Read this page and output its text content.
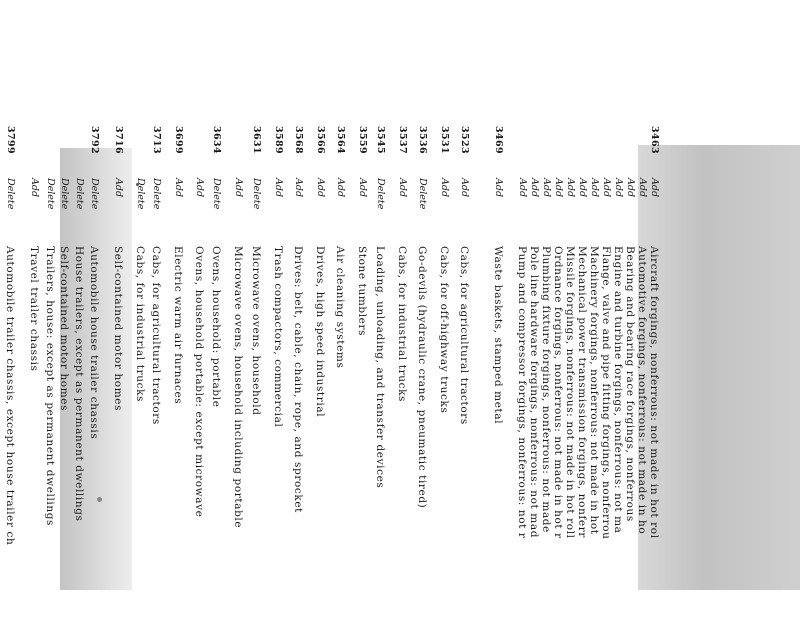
3463
Add
Aircraft forgings, nonferrous: not made in hot rol
Add
Automotive forgings, nonferrous: not made in ho
Add
Bearing and bearing race forgings, nonferrous
Add
Engine and turbine forgings, nonferrous: not ma
Add
Flange, valve and pipe fitting forgings, nonferrou
Add
Machinery forgings, nonferrous: not made in hot
Add
Mechanical power transmission forgings, nonferr
Add
Missile forgings, nonferrous: not made in hot roll
Add
Ordnance forgings, nonferrous: not made in hot r
Add
Plumbing fixture forgings, nonferrous: not made
Add
Pole line hardware forgings, nonferrous: not mad
Add
Pump and compressor forgings, nonferrous: not r
3469
Add
Waste baskets, stamped metal
3523
Add
Cabs, for agricultural tractors
3531
Add
Cabs, for off-highway trucks
3536
Delete
Go-devils (hydraulic crane, pneumatic tired)
3537
Add
Cabs, for industrial trucks
3545
Delete
Loading, unloading, and transfer devices
3559
Add
Stone tumblers
3564
Add
Air cleaning systems
3566
Add
Drives, high speed industrial
3568
Add
Drives: belt, cable, chain, rope, and sprocket
3589
Add
Trash compactors, commercial
3631
Delete
Microwave ovens, household
Add
Microwave ovens, household including portable
3634
Delete
Ovens, household: portable
Add
Ovens, household portable: except microwave
3699
Add
Electric warm air furnaces
3713
Delete
Cabs, for agricultural tractors
Delete
Cabs, for industrial trucks
3716
Add
Self-contained motor homes
3792
Delete
Automobile house trailer chassis
Delete
House trailers, except as permanent dwellings
Delete
Self-contained motor homes
Delete
Trailers, house: except as permanent dwellings
Add
Travel trailer chassis
3799
Delete
Automobile trailer chassis, except house trailer ch
